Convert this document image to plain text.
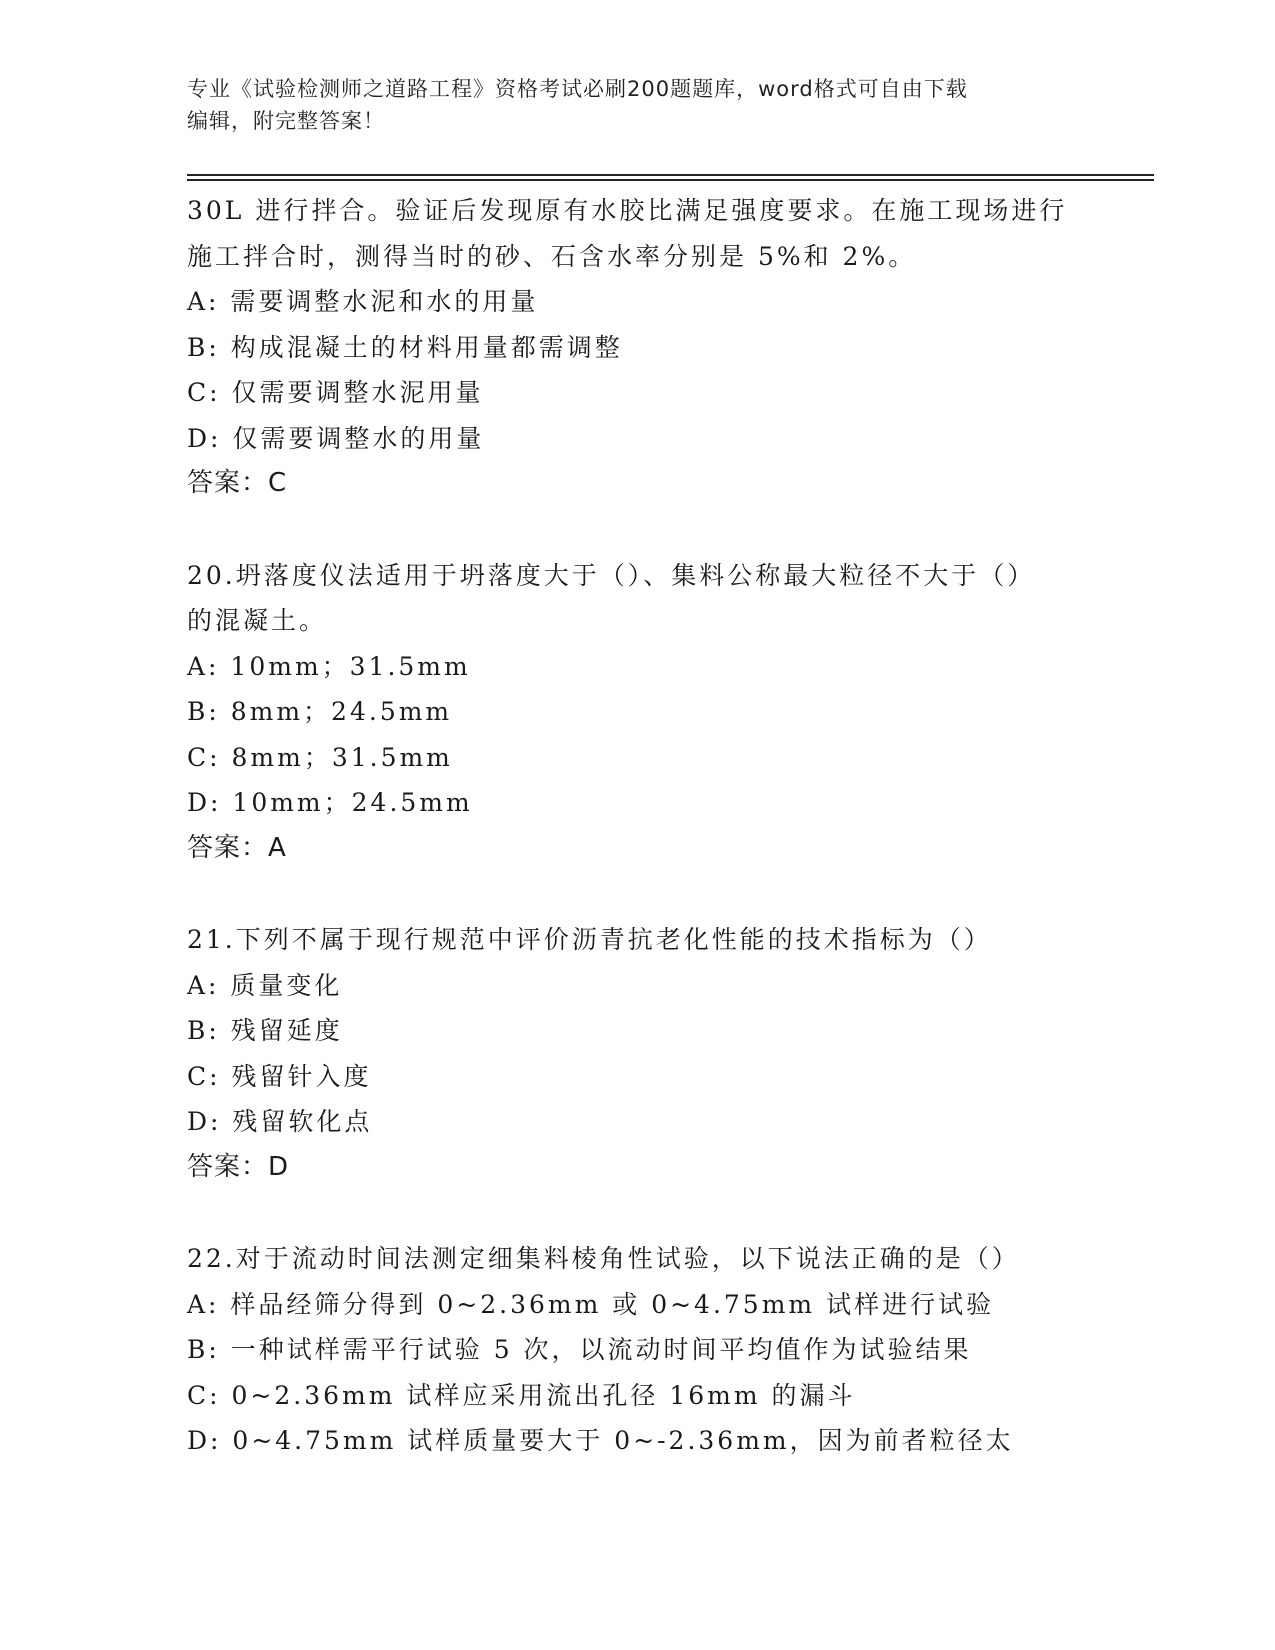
专业《试验检测师之道路工程》资格考试必刷200题题库，word格式可自由下载
编辑，附完整答案！
30L 进行拌合。验证后发现原有水胶比满足强度要求。在施工现场进行
施工拌合时，测得当时的砂、石含水率分别是 5%和 2%。
A: 需要调整水泥和水的用量
B: 构成混凝土的材料用量都需调整
C: 仅需要调整水泥用量
D: 仅需要调整水的用量
答案：C
20.坍落度仪法适用于坍落度大于（）、集料公称最大粒径不大于（）
的混凝土。
A: 10mm；31.5mm
B: 8mm；24.5mm
C: 8mm；31.5mm
D: 10mm；24.5mm
答案：A
21.下列不属于现行规范中评价沥青抗老化性能的技术指标为（）
A: 质量变化
B: 残留延度
C: 残留针入度
D: 残留软化点
答案：D
22.对于流动时间法测定细集料棱角性试验，以下说法正确的是（）
A: 样品经筛分得到 0~2.36mm 或 0~4.75mm 试样进行试验
B: 一种试样需平行试验 5 次，以流动时间平均值作为试验结果
C: 0~2.36mm 试样应采用流出孔径 16mm 的漏斗
D: 0~4.75mm 试样质量要大于 0~-2.36mm，因为前者粒径太
